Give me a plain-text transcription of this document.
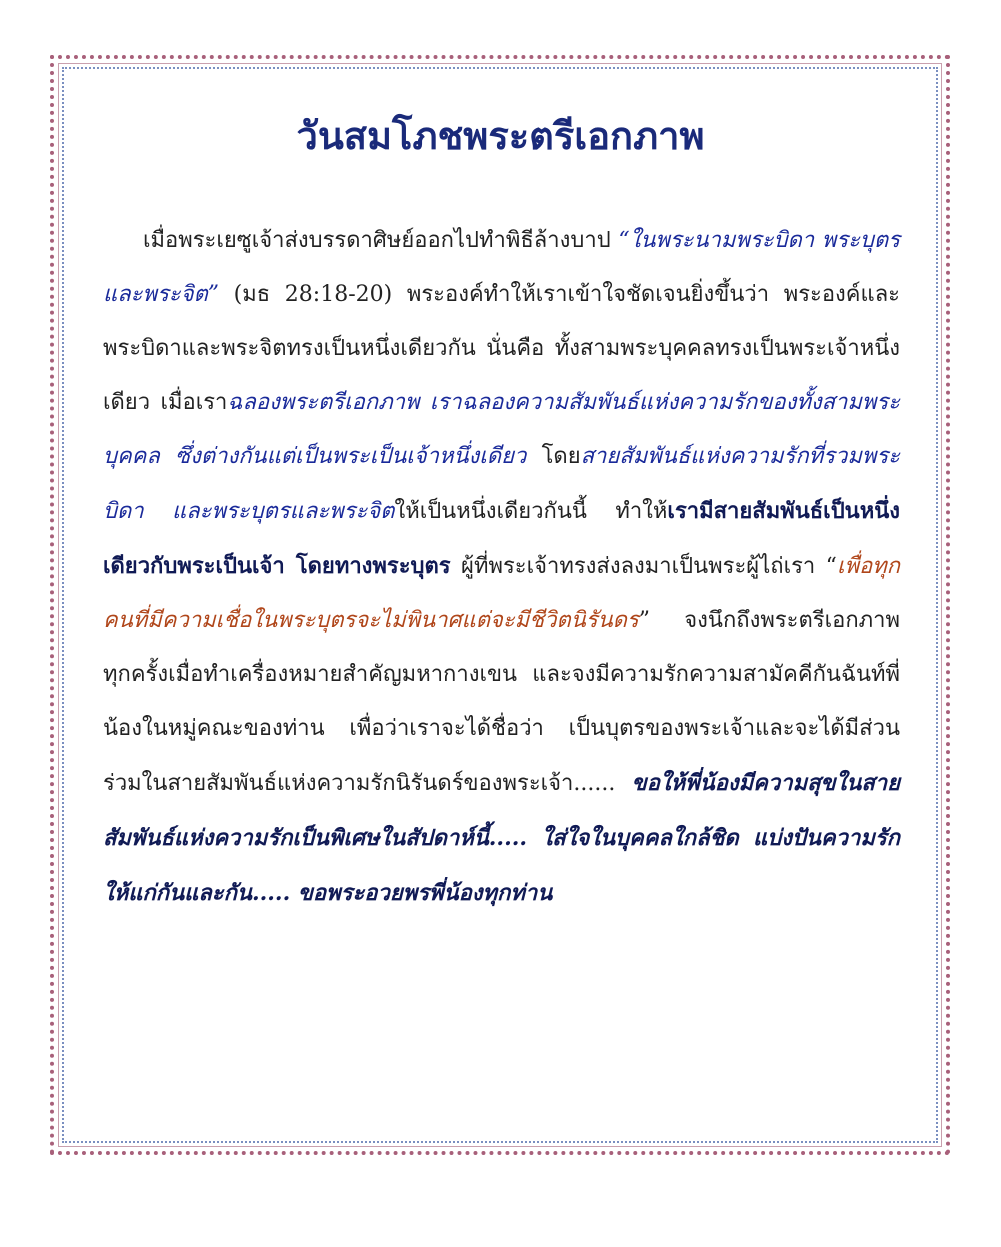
วันสมโภชพระตรีเอกภาพ

เมื่อพระเยซูเจ้าส่งบรรดาศิษย์ออกไปทำพิธีล้างบาป “ในพระนามพระบิดา พระบุตรและพระจิต” (มธ 28:18-20) พระองค์ทำให้เราเข้าใจชัดเจนยิ่งขึ้นว่า พระองค์และพระบิดาและพระจิตทรงเป็นหนึ่งเดียวกัน นั่นคือ ทั้งสามพระบุคคลทรงเป็นพระเจ้าหนึ่งเดียว เมื่อเราฉลองพระตรีเอกภาพ เราฉลองความสัมพันธ์แห่งความรักของทั้งสามพระบุคคล ซึ่งต่างกันแต่เป็นพระเป็นเจ้าหนึ่งเดียว โดยสายสัมพันธ์แห่งความรักที่รวมพระบิดา และพระบุตรและพระจิตให้เป็นหนึ่งเดียวกันนี้ ทำให้เรามีสายสัมพันธ์เป็นหนึ่งเดียวกับพระเป็นเจ้า โดยทางพระบุตร ผู้ที่พระเจ้าทรงส่งลงมาเป็นพระผู้ไถ่เรา “เพื่อทุกคนที่มีความเชื่อในพระบุตรจะไม่พินาศแต่จะมีชีวิตนิรันดร” จงนึกถึงพระตรีเอกภาพทุกครั้งเมื่อทำเครื่องหมายสำคัญมหากางเขน และจงมีความรักความสามัคคีกันฉันท์พี่น้องในหมู่คณะของท่าน เพื่อว่าเราจะได้ชื่อว่า เป็นบุตรของพระเจ้าและจะได้มีส่วนร่วมในสายสัมพันธ์แห่งความรักนิรันดร์ของพระเจ้า...... ขอให้พี่น้องมีความสุขในสายสัมพันธ์แห่งความรักเป็นพิเศษในสัปดาห์นี้..... ใส่ใจในบุคคลใกล้ชิด แบ่งปันความรักให้แก่กันและกัน..... ขอพระอวยพรพี่น้องทุกท่าน
